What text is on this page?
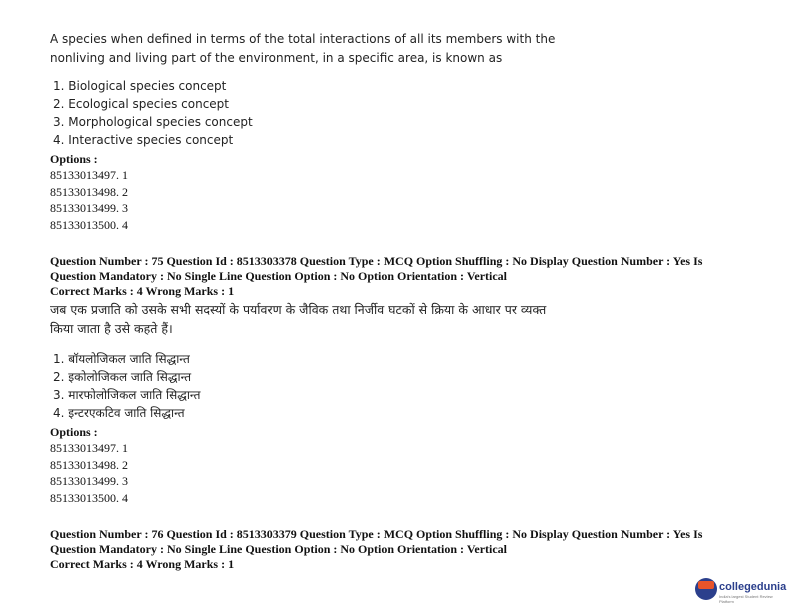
A species when defined in terms of the total interactions of all its members with the nonliving and living part of the environment, in a specific area, is known as
1. Biological species concept
2. Ecological species concept
3. Morphological species concept
4. Interactive species concept
Options :
85133013497. 1
85133013498. 2
85133013499. 3
85133013500. 4
Question Number : 75 Question Id : 8513303378 Question Type : MCQ Option Shuffling : No Display Question Number : Yes Is
Question Mandatory : No Single Line Question Option : No Option Orientation : Vertical
Correct Marks : 4 Wrong Marks : 1
जब एक प्रजाति को उसके सभी सदस्यों के पर्यावरण के जैविक तथा निर्जीव घटकों से क्रिया के आधार पर व्यक्त
किया जाता है उसे कहते हैं।
1. बॉयलोजिकल जाति सिद्धान्त
2. इकोलोजिकल जाति सिद्धान्त
3. मारफोलोजिकल जाति सिद्धान्त
4. इन्टरएकटिव जाति सिद्धान्त
Options :
85133013497. 1
85133013498. 2
85133013499. 3
85133013500. 4
Question Number : 76 Question Id : 8513303379 Question Type : MCQ Option Shuffling : No Display Question Number : Yes Is
Question Mandatory : No Single Line Question Option : No Option Orientation : Vertical
Correct Marks : 4 Wrong Marks : 1
collegedunia
India's largest Student Review Platform
